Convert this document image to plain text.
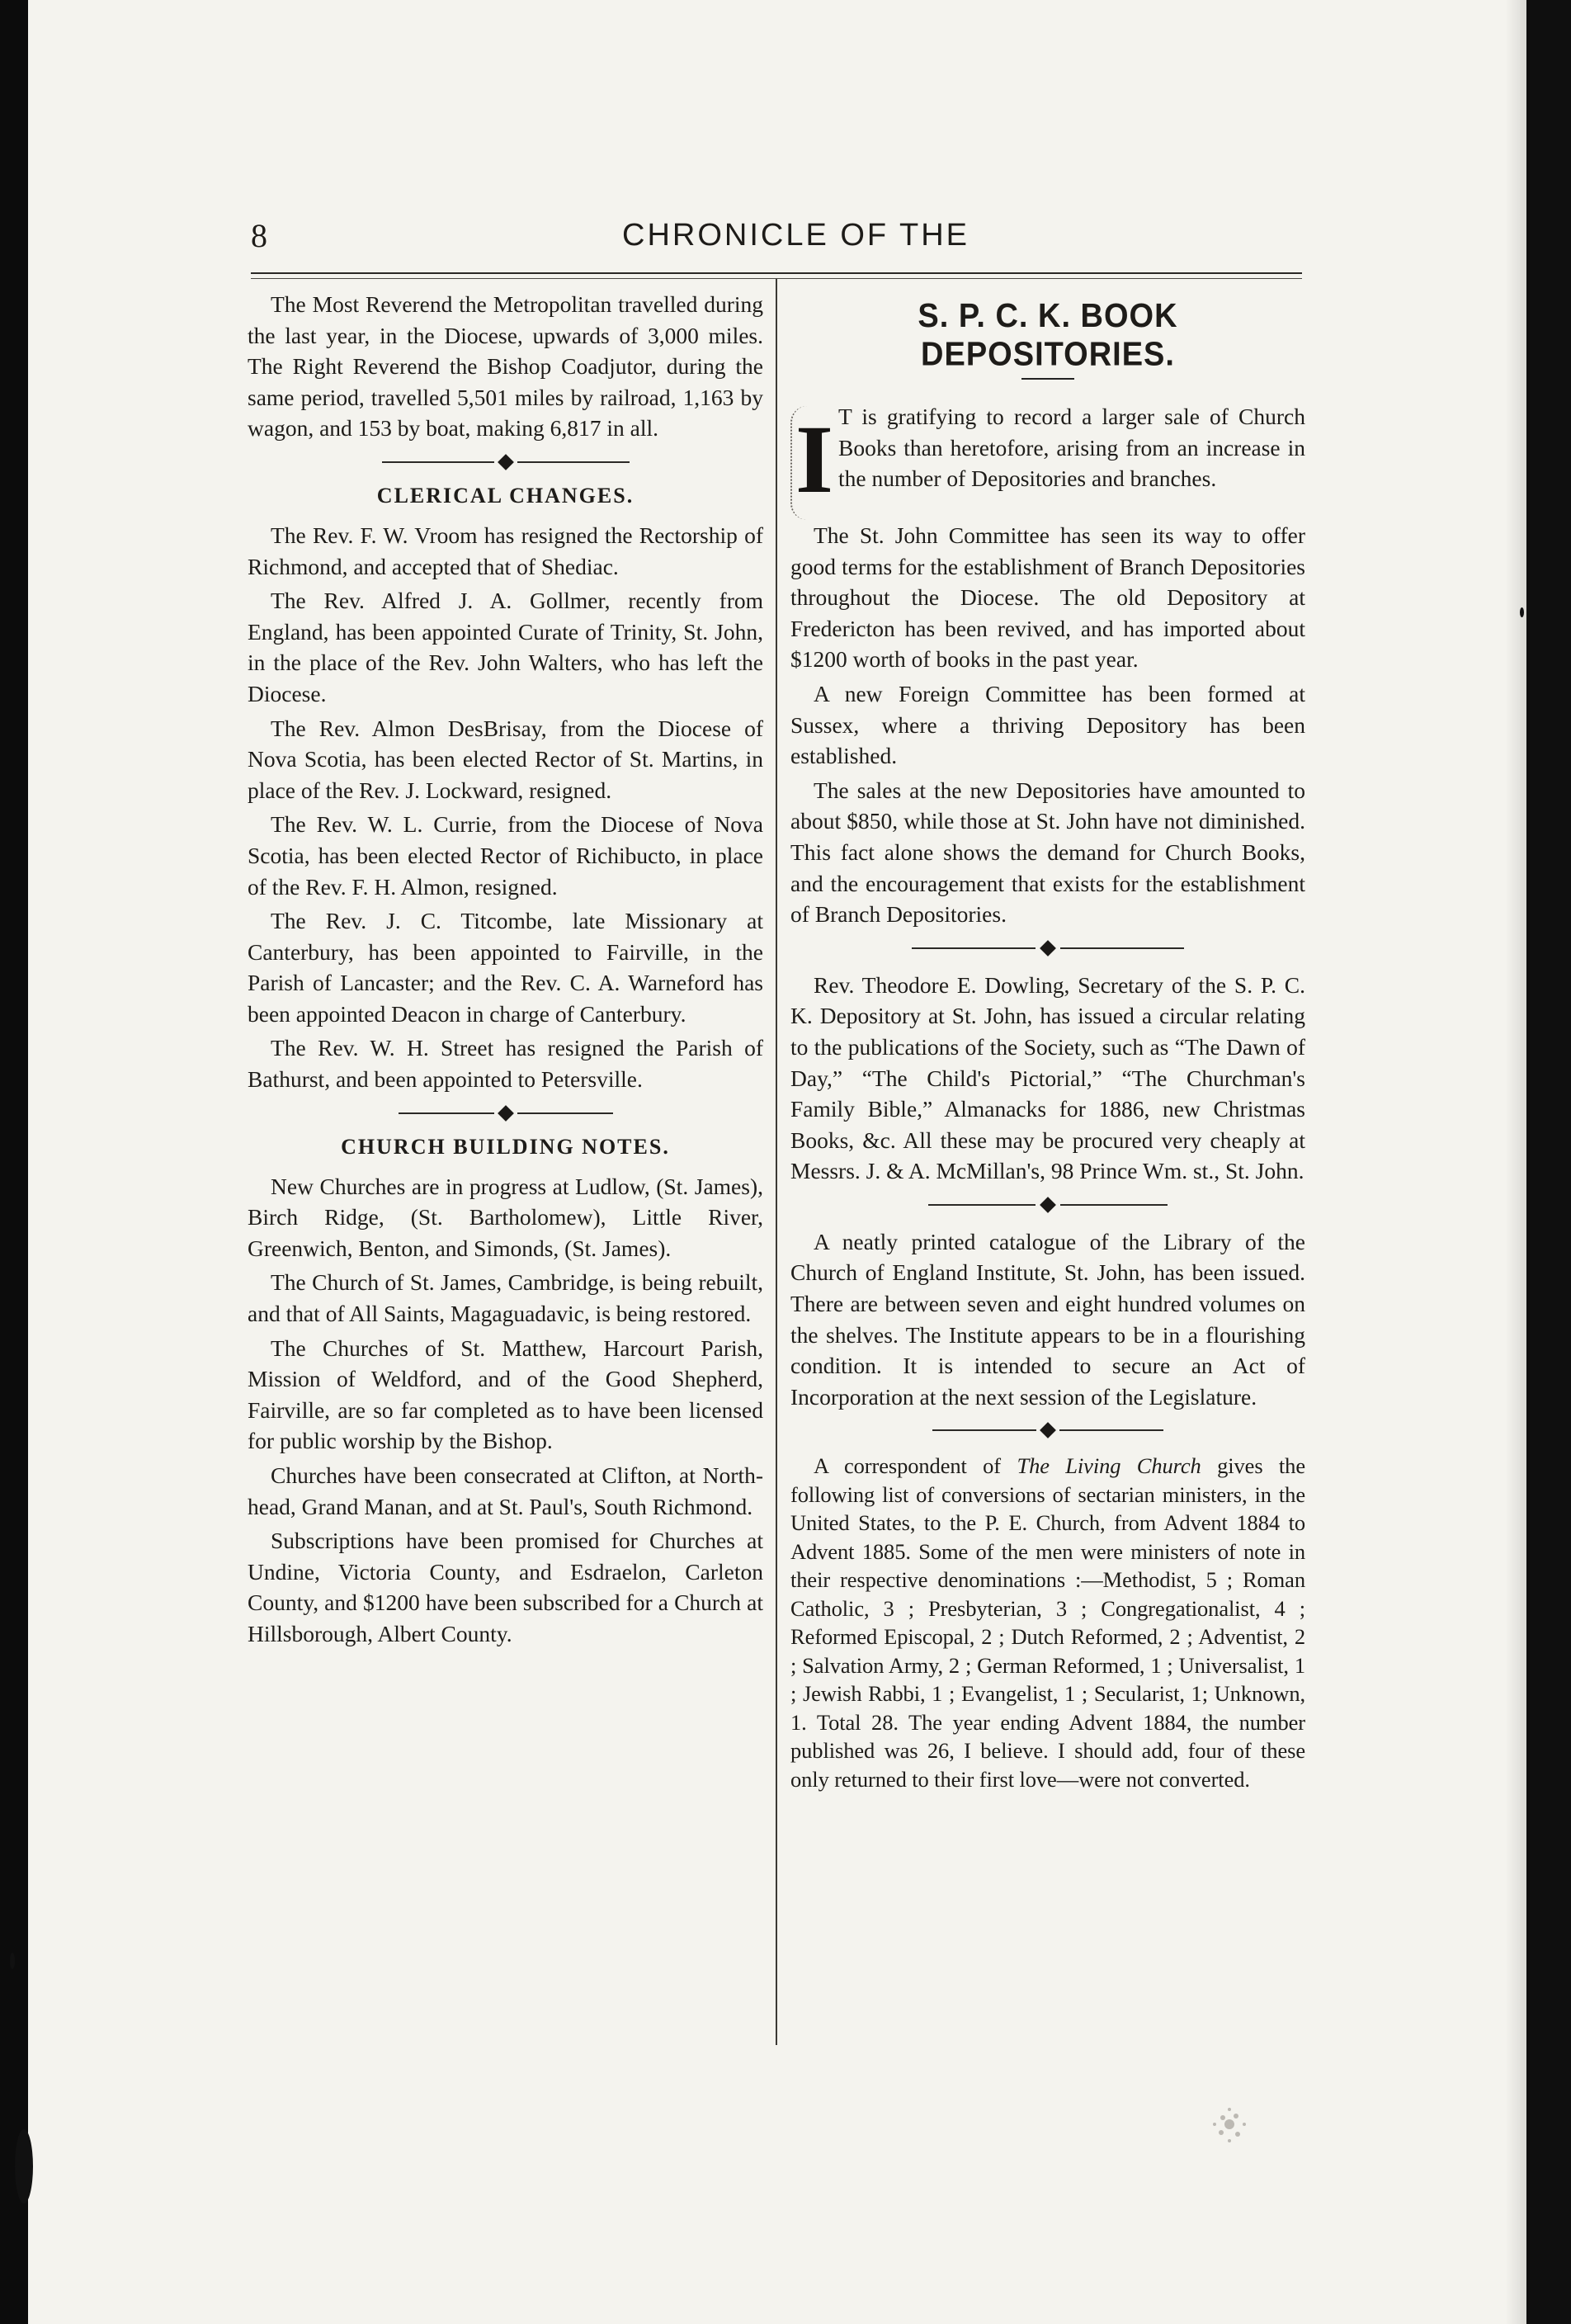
8	CHRONICLE OF THE

The Most Reverend the Metropolitan travelled during the last year, in the Diocese, upwards of 3,000 miles. The Right Reverend the Bishop Coadjutor, during the same period, travelled 5,501 miles by railroad, 1,163 by wagon, and 153 by boat, making 6,817 in all.

CLERICAL CHANGES.

The Rev. F. W. Vroom has resigned the Rectorship of Richmond, and accepted that of Shediac.

The Rev. Alfred J. A. Gollmer, recently from England, has been appointed Curate of Trinity, St. John, in the place of the Rev. John Walters, who has left the Diocese.

The Rev. Almon DesBrisay, from the Diocese of Nova Scotia, has been elected Rector of St. Martins, in place of the Rev. J. Lockward, resigned.

The Rev. W. L. Currie, from the Diocese of Nova Scotia, has been elected Rector of Richibucto, in place of the Rev. F. H. Almon, resigned.

The Rev. J. C. Titcombe, late Missionary at Canterbury, has been appointed to Fairville, in the Parish of Lancaster; and the Rev. C. A. Warneford has been appointed Deacon in charge of Canterbury.

The Rev. W. H. Street has resigned the Parish of Bathurst, and been appointed to Petersville.

CHURCH BUILDING NOTES.

New Churches are in progress at Ludlow, (St. James), Birch Ridge, (St. Bartholomew), Little River, Greenwich, Benton, and Simonds, (St. James).

The Church of St. James, Cambridge, is being rebuilt, and that of All Saints, Magaguadavic, is being restored.

The Churches of St. Matthew, Harcourt Parish, Mission of Weldford, and of the Good Shepherd, Fairville, are so far completed as to have been licensed for public worship by the Bishop.

Churches have been consecrated at Clifton, at North-head, Grand Manan, and at St. Paul's, South Richmond.

Subscriptions have been promised for Churches at Undine, Victoria County, and Esdraelon, Carleton County, and $1200 have been subscribed for a Church at Hillsborough, Albert County.

S. P. C. K. BOOK DEPOSITORIES.
I T is gratifying to record a larger sale of Church Books than heretofore, arising from an increase in the number of Depositories and branches.

The St. John Committee has seen its way to offer good terms for the establishment of Branch Depositories throughout the Diocese. The old Depository at Fredericton has been revived, and has imported about $1200 worth of books in the past year.

A new Foreign Committee has been formed at Sussex, where a thriving Depository has been established.

The sales at the new Depositories have amounted to about $850, while those at St. John have not diminished. This fact alone shows the demand for Church Books, and the encouragement that exists for the establishment of Branch Depositories.

Rev. Theodore E. Dowling, Secretary of the S. P. C. K. Depository at St. John, has issued a circular relating to the publications of the Society, such as “The Dawn of Day,” “The Child's Pictorial,” “The Churchman's Family Bible,” Almanacks for 1886, new Christmas Books, &c. All these may be procured very cheaply at Messrs. J. & A. McMillan's, 98 Prince Wm. st., St. John.

A neatly printed catalogue of the Library of the Church of England Institute, St. John, has been issued. There are between seven and eight hundred volumes on the shelves. The Institute appears to be in a flourishing condition. It is intended to secure an Act of Incorporation at the next session of the Legislature.

A correspondent of The Living Church gives the following list of conversions of sectarian ministers, in the United States, to the P. E. Church, from Advent 1884 to Advent 1885. Some of the men were ministers of note in their respective denominations :—Methodist, 5 ; Roman Catholic, 3 ; Presbyterian, 3 ; Congregationalist, 4 ; Reformed Episcopal, 2 ; Dutch Reformed, 2 ; Adventist, 2 ; Salvation Army, 2 ; German Reformed, 1 ; Universalist, 1 ; Jewish Rabbi, 1 ; Evangelist, 1 ; Secularist, 1; Unknown, 1. Total 28. The year ending Advent 1884, the number published was 26, I believe. I should add, four of these only returned to their first love—were not converted.
